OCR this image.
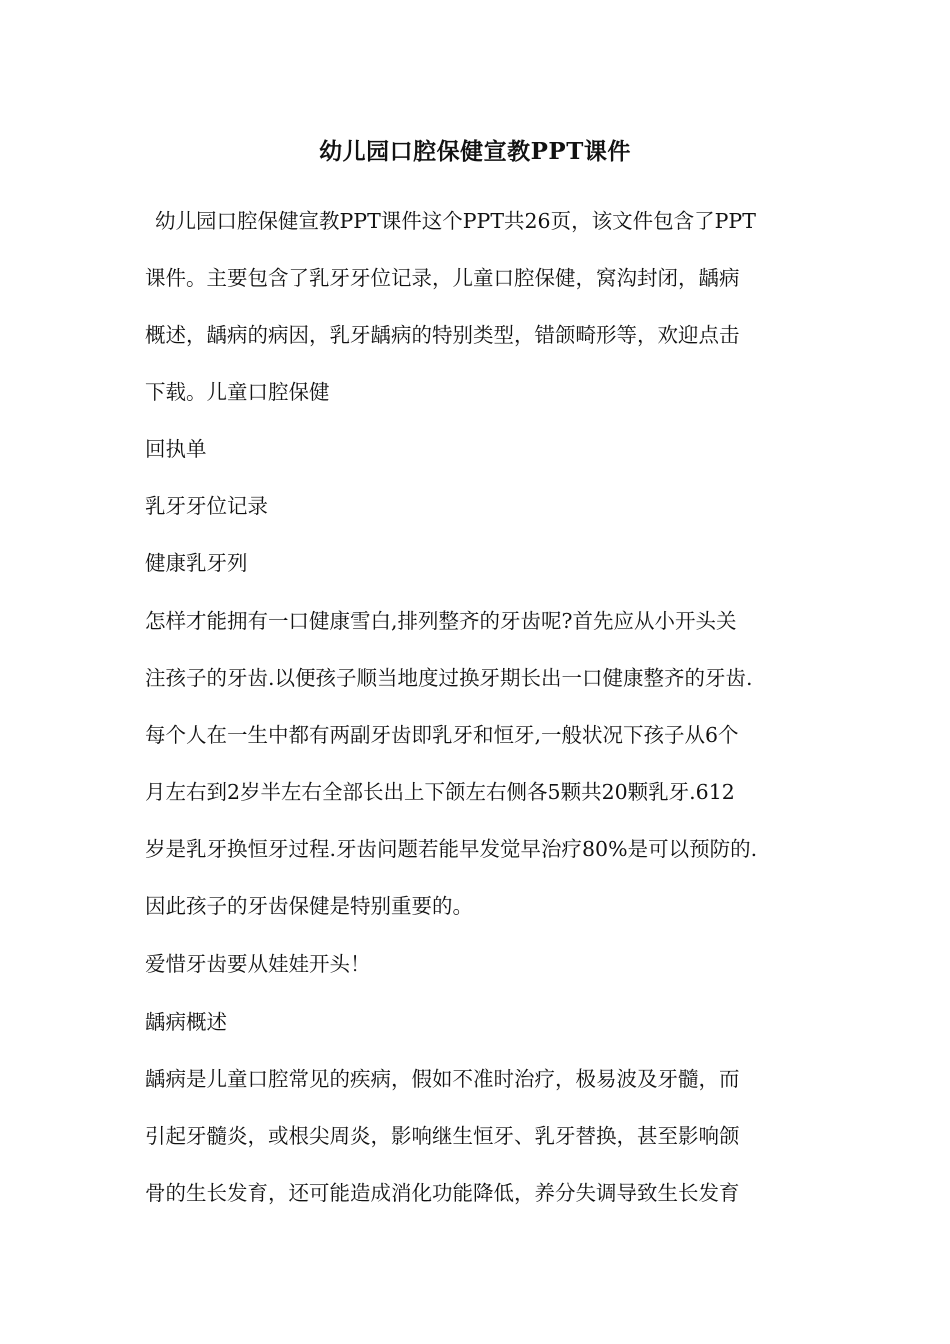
幼儿园口腔保健宣教PPT课件
幼儿园口腔保健宣教PPT课件这个PPT共26页，该文件包含了PPT
课件。主要包含了乳牙牙位记录，儿童口腔保健，窝沟封闭，龋病
概述，龋病的病因，乳牙龋病的特别类型，错颌畸形等，欢迎点击
下载。儿童口腔保健
回执单
乳牙牙位记录
健康乳牙列
怎样才能拥有一口健康雪白,排列整齐的牙齿呢?首先应从小开头关
注孩子的牙齿.以便孩子顺当地度过换牙期长出一口健康整齐的牙齿.
每个人在一生中都有两副牙齿即乳牙和恒牙,一般状况下孩子从6个
月左右到2岁半左右全部长出上下颌左右侧各5颗共20颗乳牙.612
岁是乳牙换恒牙过程.牙齿问题若能早发觉早治疗80%是可以预防的.
因此孩子的牙齿保健是特别重要的。
爱惜牙齿要从娃娃开头！
龋病概述
龋病是儿童口腔常见的疾病，假如不准时治疗，极易波及牙髓，而
引起牙髓炎，或根尖周炎，影响继生恒牙、乳牙替换，甚至影响颌
骨的生长发育，还可能造成消化功能降低，养分失调导致生长发育
